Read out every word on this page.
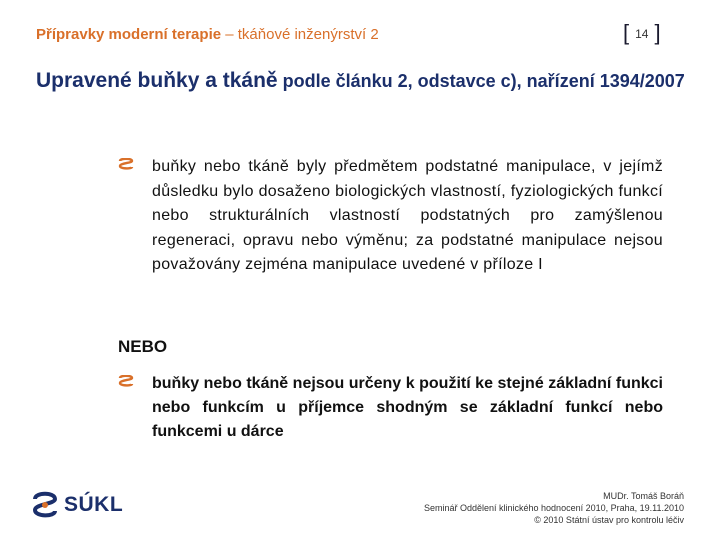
Přípravky moderní terapie – tkáňové inženýrství 2	[ 14 ]
Upravené buňky a tkáně podle článku 2, odstavce c), nařízení 1394/2007
buňky nebo tkáně byly předmětem podstatné manipulace, v jejímž důsledku bylo dosaženo biologických vlastností, fyziologických funkcí nebo strukturálních vlastností podstatných pro zamýšlenou regeneraci, opravu nebo výměnu; za podstatné manipulace nejsou považovány zejména manipulace uvedené v příloze I
NEBO
buňky nebo tkáně nejsou určeny k použití ke stejné základní funkci nebo funkcím u příjemce shodným se základní funkcí nebo funkcemi u dárce
SÚKL	MUDr. Tomáš Boráň
Seminář Oddělení klinického hodnocení 2010, Praha, 19.11.2010
© 2010 Státní ústav pro kontrolu léčiv
